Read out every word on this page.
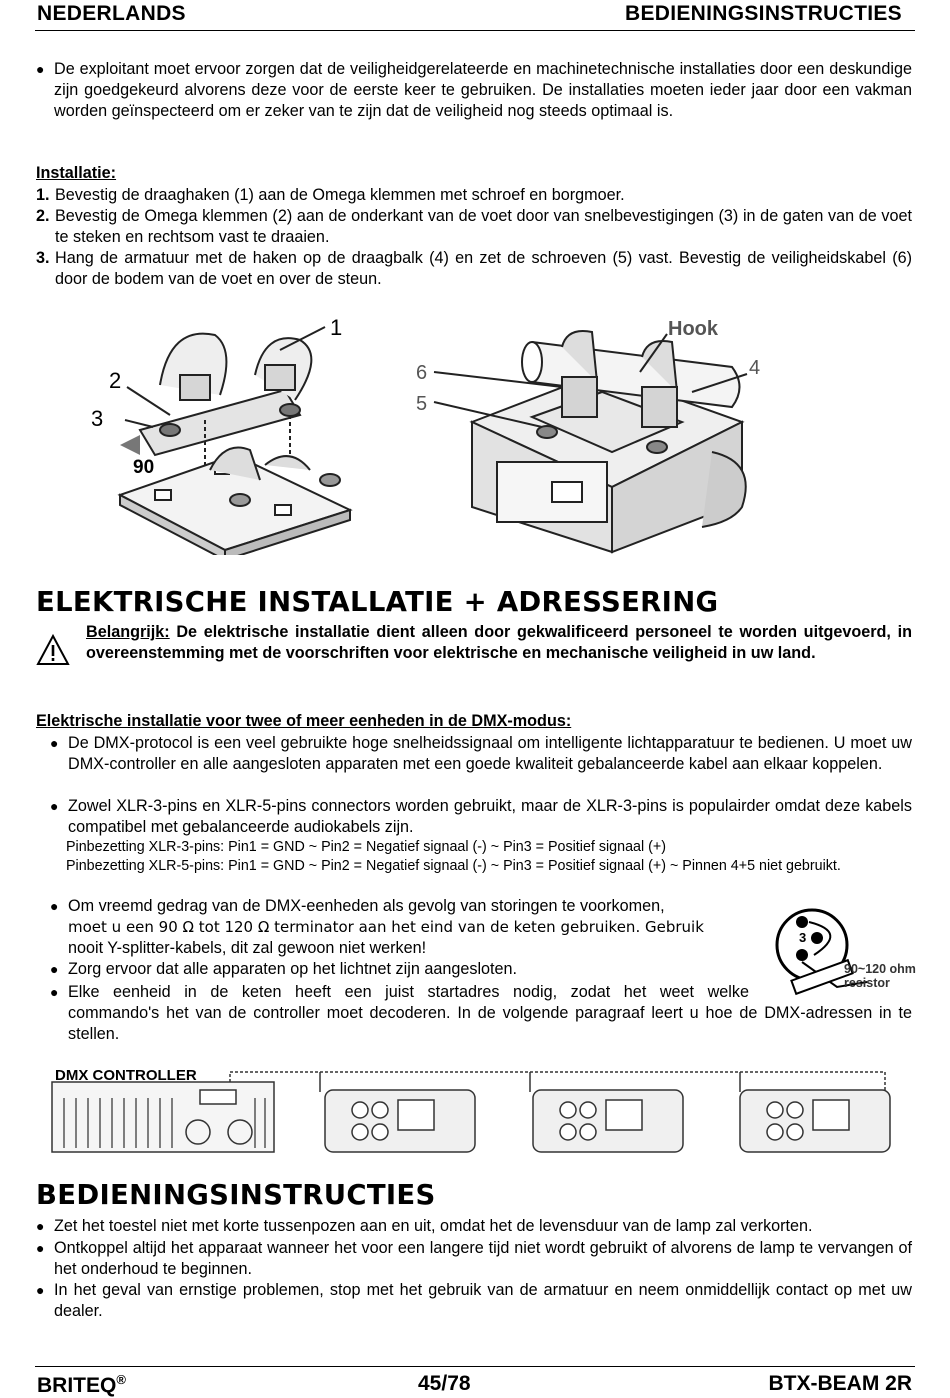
NEDERLANDS	BEDIENINGSINSTRUCTIES
● De exploitant moet ervoor zorgen dat de veiligheidgerelateerde en machinetechnische installaties door een deskundige zijn goedgekeurd alvorens deze voor de eerste keer te gebruiken. De installaties moeten ieder jaar door een vakman worden geïnspecteerd om er zeker van te zijn dat de veiligheid nog steeds optimaal is.
Installatie:
1. Bevestig de draaghaken (1) aan de Omega klemmen met schroef en borgmoer.
2. Bevestig de Omega klemmen (2) aan de onderkant van de voet door van snelbevestigingen (3) in de gaten van de voet te steken en rechtsom vast te draaien.
3. Hang de armatuur met de haken op de draagbalk (4) en zet de schroeven (5) vast. Bevestig de veiligheidskabel (6) door de bodem van de voet en over de steun.
1
2
3
90
Hook
6
5
4
ELEKTRISCHE INSTALLATIE + ADRESSERING
Belangrijk: De elektrische installatie dient alleen door gekwalificeerd personeel te worden uitgevoerd, in overeenstemming met de voorschriften voor elektrische en mechanische veiligheid in uw land.
Elektrische installatie voor twee of meer eenheden in de DMX-modus:
● De DMX-protocol is een veel gebruikte hoge snelheidssignaal om intelligente lichtapparatuur te bedienen. U moet uw DMX-controller en alle aangesloten apparaten met een goede kwaliteit gebalanceerde kabel aan elkaar koppelen.
● Zowel XLR-3-pins en XLR-5-pins connectors worden gebruikt, maar de XLR-3-pins is populairder omdat deze kabels compatibel met gebalanceerde audiokabels zijn.
Pinbezetting XLR-3-pins: Pin1 = GND ~ Pin2 = Negatief signaal (-) ~ Pin3 = Positief signaal (+)
Pinbezetting XLR-5-pins: Pin1 = GND ~ Pin2 = Negatief signaal (-) ~ Pin3 = Positief signaal (+) ~ Pinnen 4+5 niet gebruikt.
● Om vreemd gedrag van de DMX-eenheden als gevolg van storingen te voorkomen,
moet u een 90 Ω tot 120 Ω terminator aan het eind van de keten gebruiken. Gebruik
nooit Y-splitter-kabels, dit zal gewoon niet werken!
● Zorg ervoor dat alle apparaten op het lichtnet zijn aangesloten.
● Elke eenheid in de keten heeft een juist startadres nodig, zodat het weet welke
commando's het van de controller moet decoderen. In de volgende paragraaf leert u hoe de DMX-adressen in te stellen.
1
3
2
90~120 ohm
resistor
DMX CONTROLLER
BEDIENINGSINSTRUCTIES
● Zet het toestel niet met korte tussenpozen aan en uit, omdat het de levensduur van de lamp zal verkorten.
● Ontkoppel altijd het apparaat wanneer het voor een langere tijd niet wordt gebruikt of alvorens de lamp te vervangen of het onderhoud te beginnen.
● In het geval van ernstige problemen, stop met het gebruik van de armatuur en neem onmiddellijk contact op met uw dealer.
BRITEQ®	45/78	BTX-BEAM 2R
